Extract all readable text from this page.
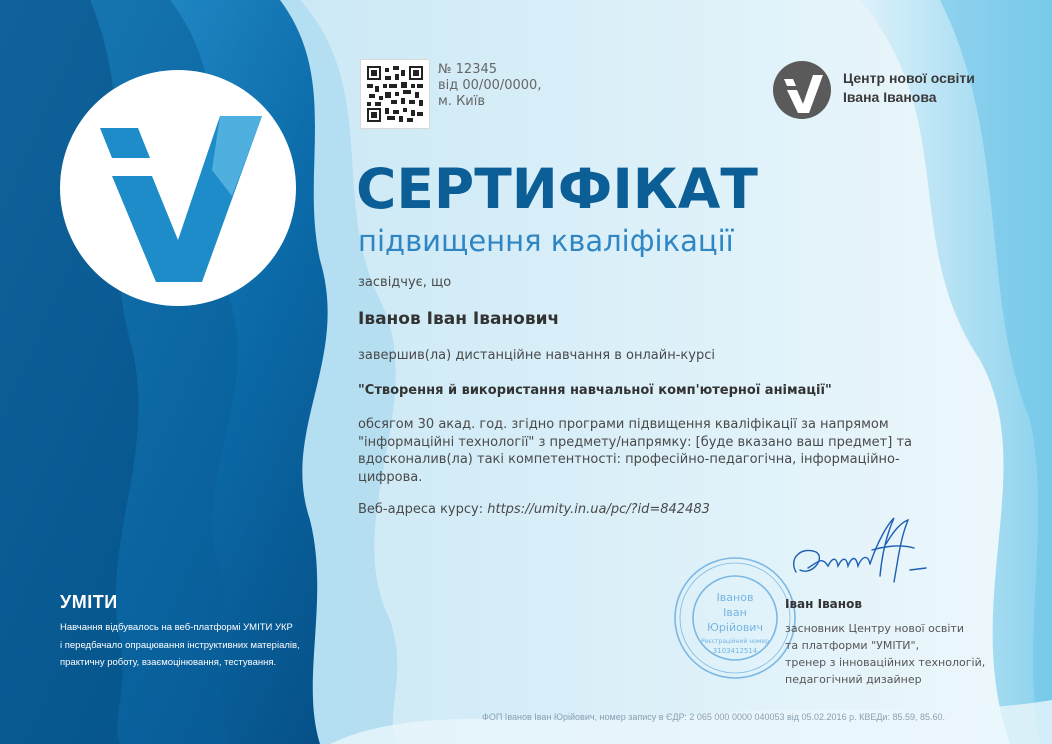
№ 12345
від 00/00/0000,
м. Київ
Центр нової освіти
Івана Іванова
СЕРТИФІКАТ
підвищення кваліфікації
засвідчує, що
Іванов Іван Іванович
завершив(ла) дистанційне навчання в онлайн-курсі
"Створення й використання навчальної комп'ютерної анімації"
обсягом 30 акад. год. згідно програми підвищення кваліфікації за напрямом
"інформаційні технології" з предмету/напрямку: [буде вказано ваш предмет] та
вдосконалив(ла) такі компетентності: професійно-педагогічна, інформаційно-
цифрова.
Веб-адреса курсу: https://umity.in.ua/pc/?id=842483
Іванов
Іван
Юрійович
Реєстраційний номер
3103412514
Іван Іванов
засновник Центру нової освіти
та платформи "УМІТИ",
тренер з інноваційних технологій,
педагогічний дизайнер
УМІТИ
Навчання відбувалось на веб-платформі УМІТИ УКР
і передбачало опрацювання інструктивних матеріалів,
практичну роботу, взаємоцінювання, тестування.
ФОП Іванов Іван Юрійович, номер запису в ЄДР: 2 065 000 0000 040053 від 05.02.2016 р. КВЕДи: 85.59, 85.60.
